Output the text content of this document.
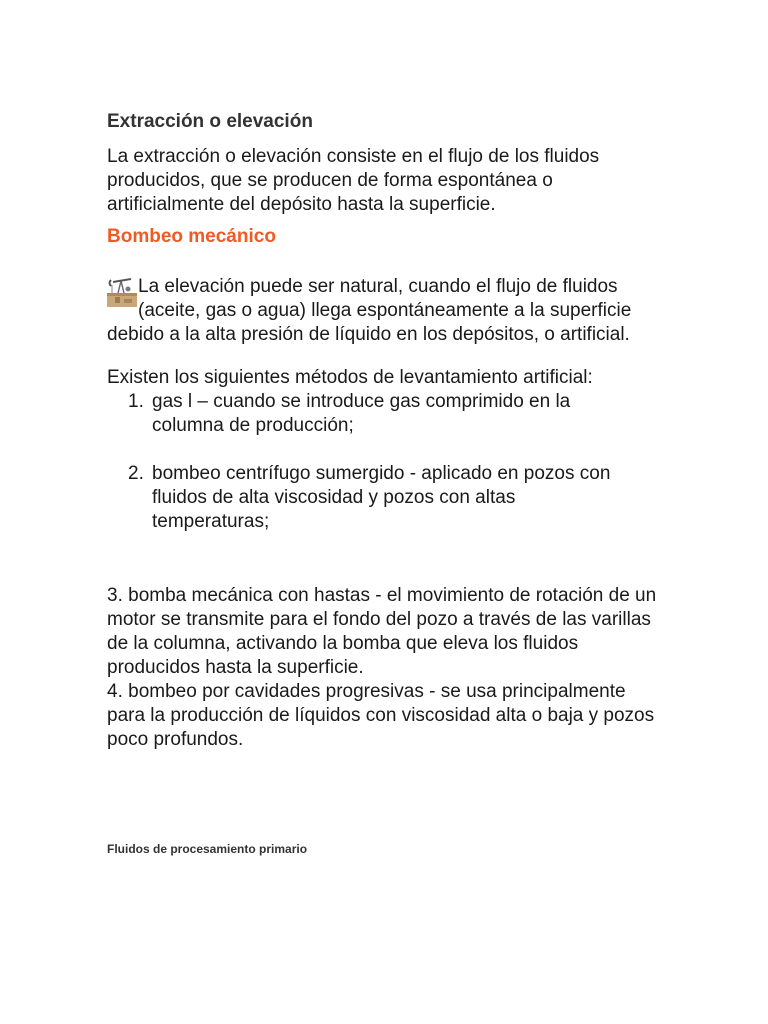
Extracción o elevación

La extracción o elevación consiste en el flujo de los fluidos producidos, que se producen de forma espontánea o artificialmente del depósito hasta la superficie.

Bombeo mecánico

La elevación puede ser natural, cuando el flujo de fluidos (aceite, gas o agua) llega espontáneamente a la superficie debido a la alta presión de líquido en los depósitos, o artificial.

Existen los siguientes métodos de levantamiento artificial:

1. gas l – cuando se introduce gas comprimido en la columna de producción;
2. bombeo centrífugo sumergido - aplicado en pozos con fluidos de alta viscosidad y pozos con altas temperaturas;

3. bomba mecánica con hastas - el movimiento de rotación de un motor se transmite para el fondo del pozo a través de las varillas de la columna, activando la bomba que eleva los fluidos producidos hasta la superficie.

4. bombeo por cavidades progresivas - se usa principalmente para la producción de líquidos con viscosidad alta o baja y pozos poco profundos.

Fluidos de procesamiento primario
